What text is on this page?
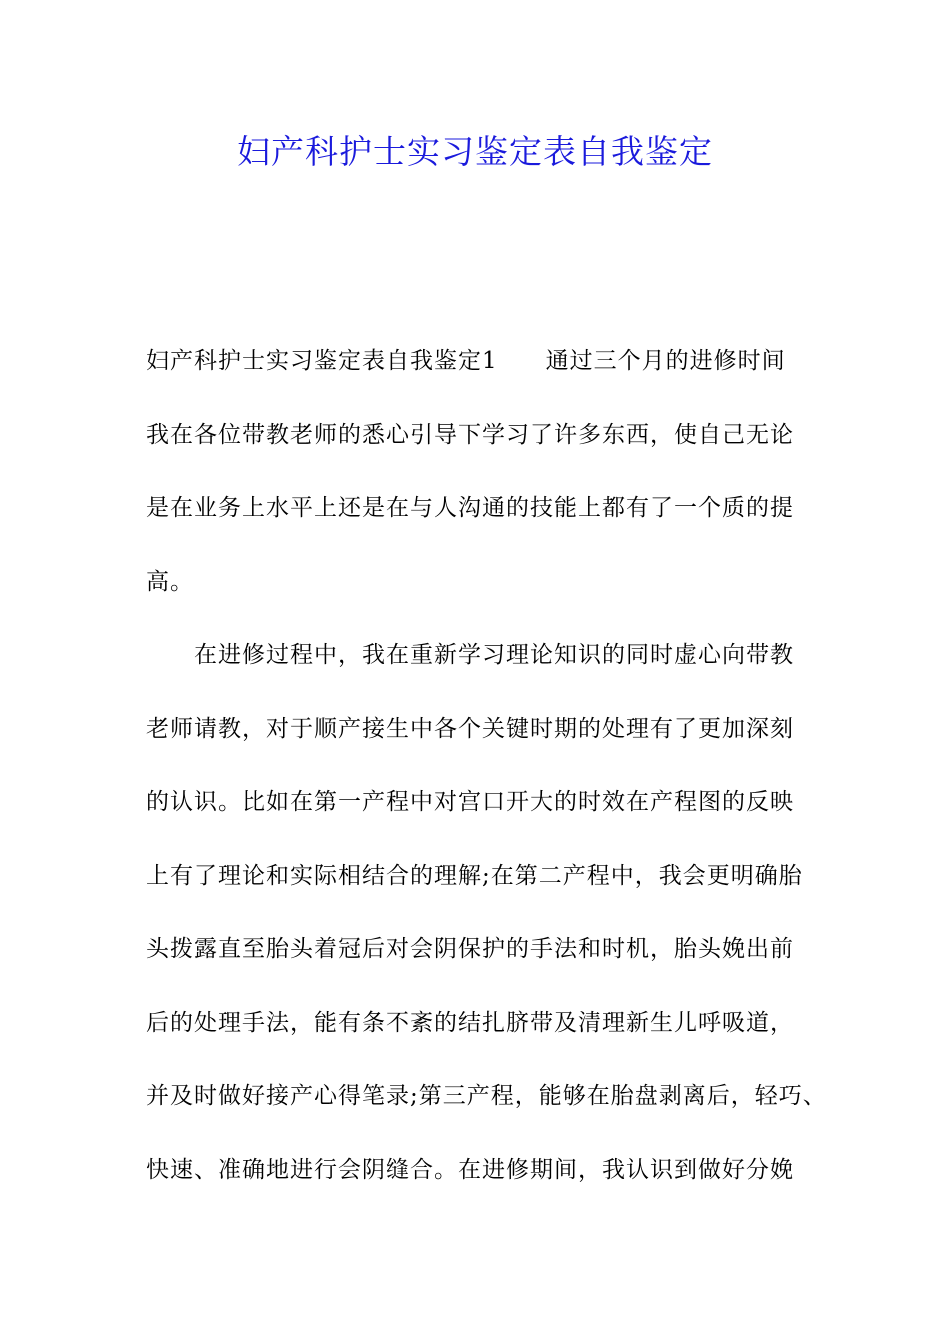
妇产科护士实习鉴定表自我鉴定
妇产科护士实习鉴定表自我鉴定1　　通过三个月的进修时间
我在各位带教老师的悉心引导下学习了许多东西，使自己无论
是在业务上水平上还是在与人沟通的技能上都有了一个质的提
高。
　　在进修过程中，我在重新学习理论知识的同时虚心向带教
老师请教，对于顺产接生中各个关键时期的处理有了更加深刻
的认识。比如在第一产程中对宫口开大的时效在产程图的反映
上有了理论和实际相结合的理解;在第二产程中，我会更明确胎
头拨露直至胎头着冠后对会阴保护的手法和时机，胎头娩出前
后的处理手法，能有条不紊的结扎脐带及清理新生儿呼吸道，
并及时做好接产心得笔录;第三产程，能够在胎盘剥离后，轻巧、
快速、准确地进行会阴缝合。在进修期间，我认识到做好分娩
